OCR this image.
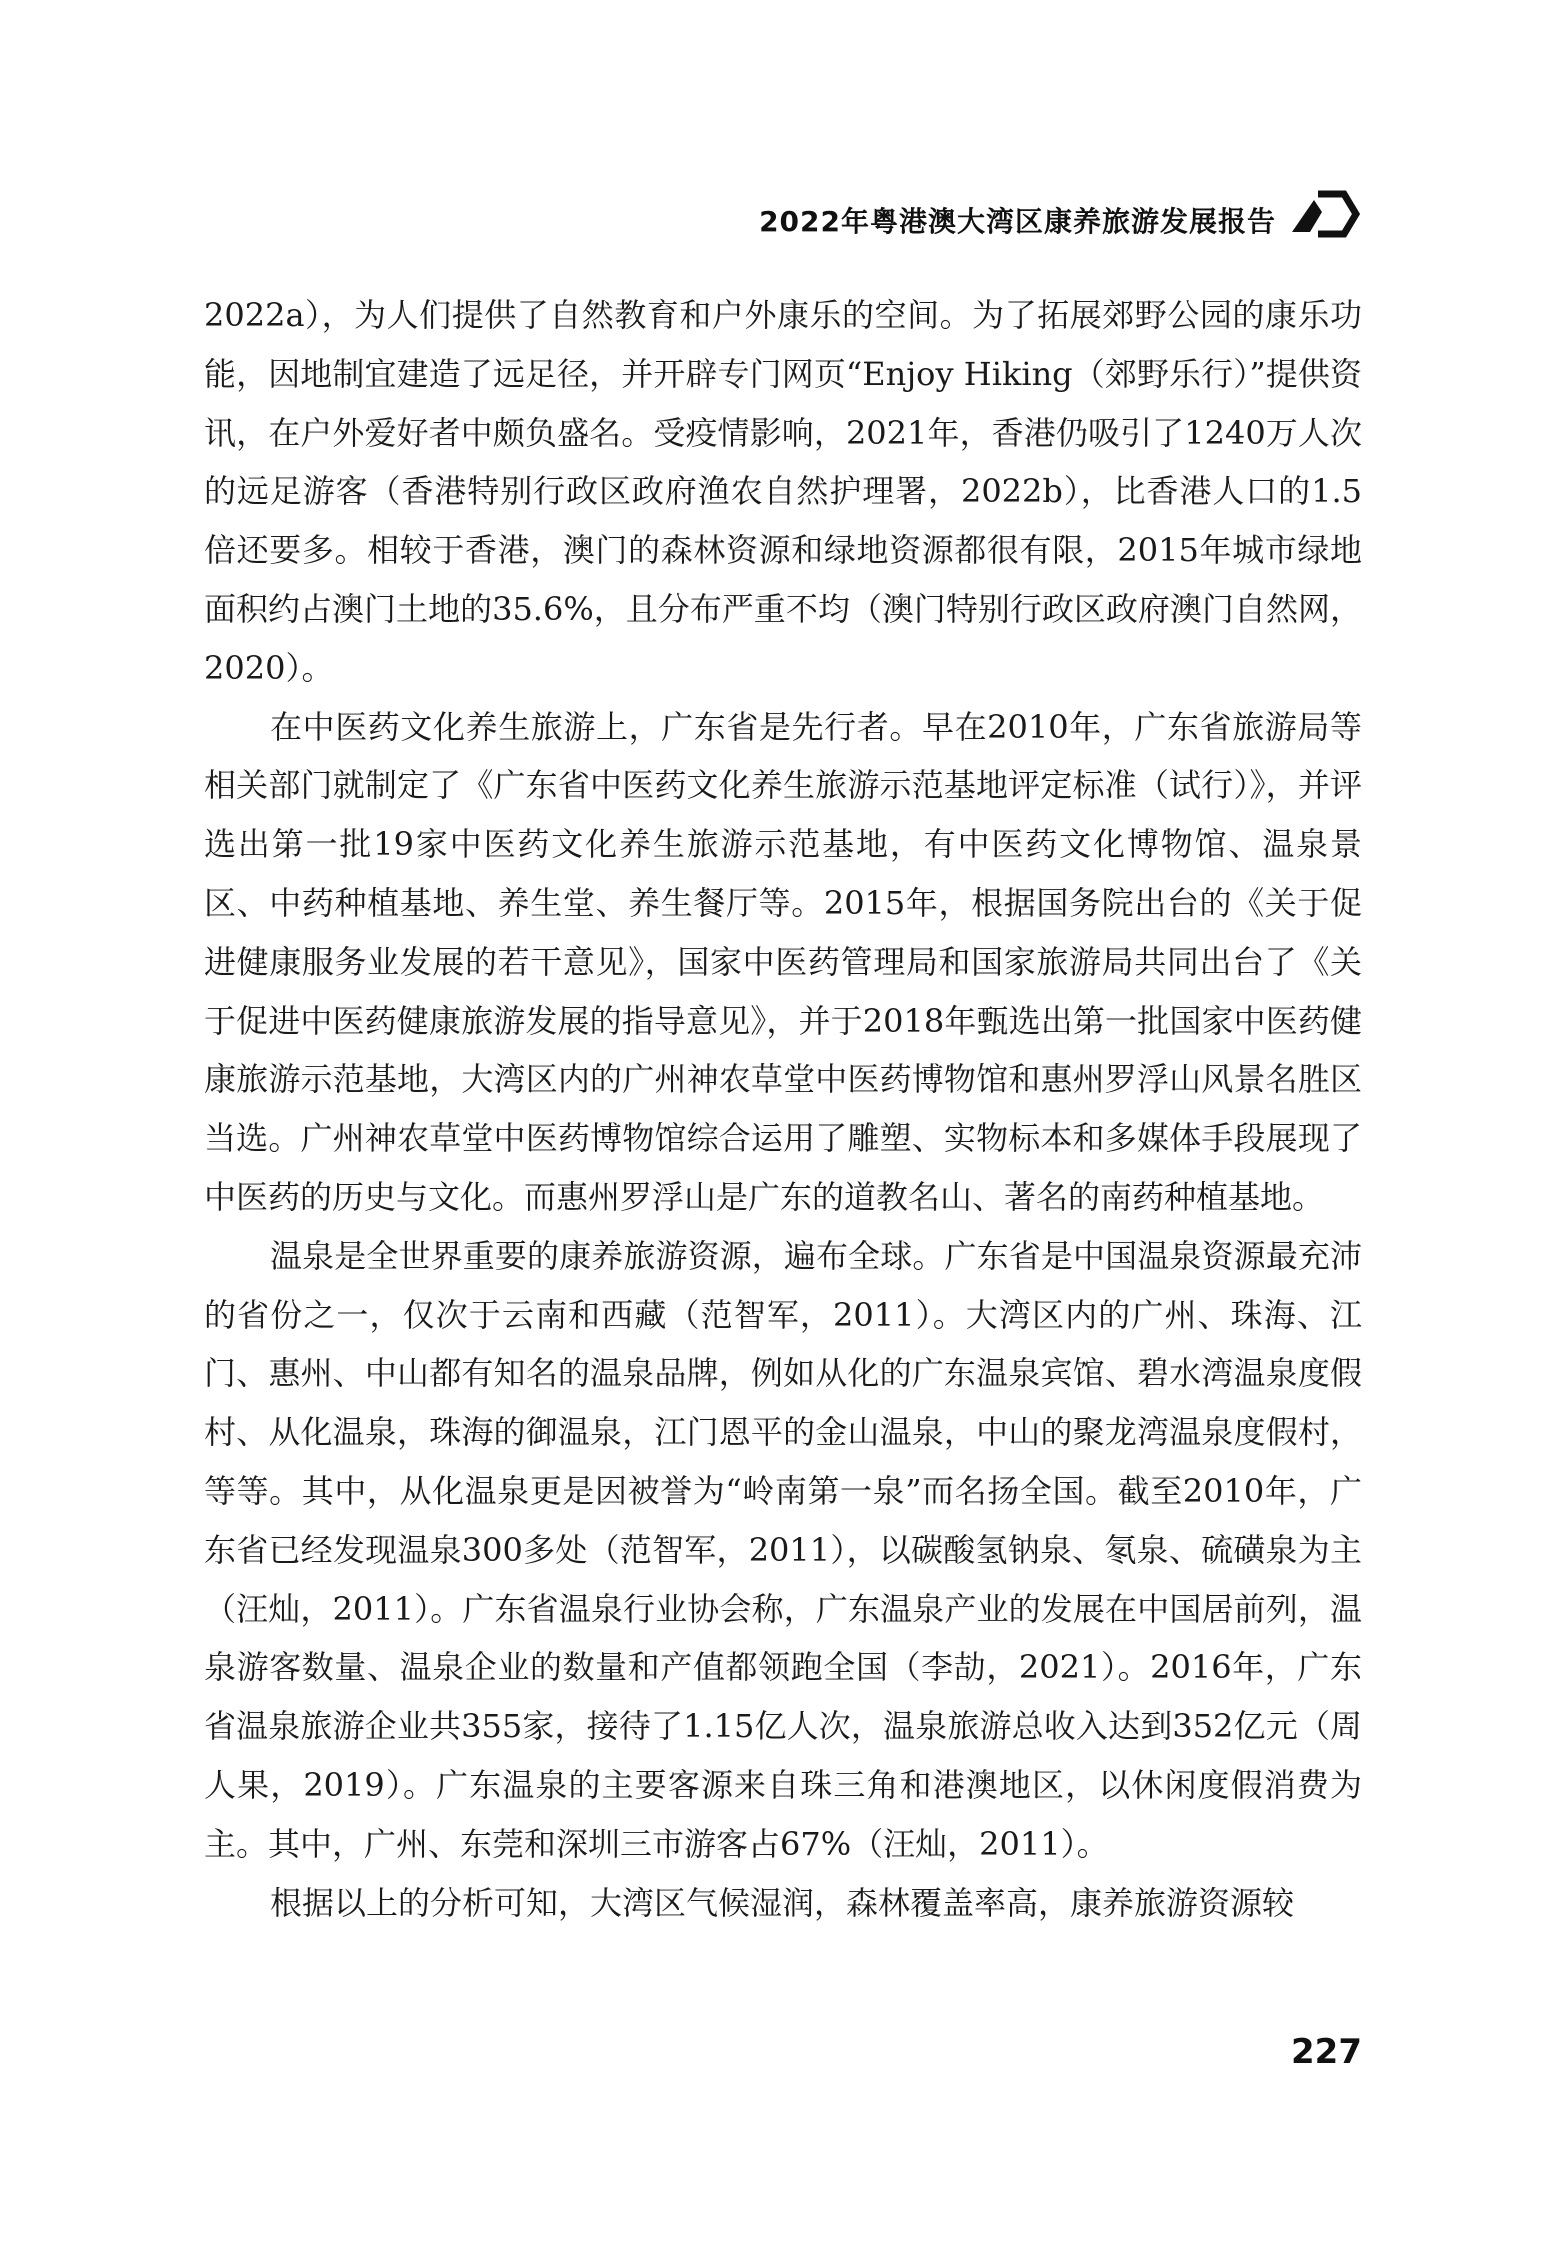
2022年粤港澳大湾区康养旅游发展报告

2022a），为人们提供了自然教育和户外康乐的空间。为了拓展郊野公园的康乐功能，因地制宜建造了远足径，并开辟专门网页“Enjoy Hiking（郊野乐行）”提供资讯，在户外爱好者中颇负盛名。受疫情影响，2021年，香港仍吸引了1240万人次的远足游客（香港特别行政区政府渔农自然护理署，2022b），比香港人口的1.5倍还要多。相较于香港，澳门的森林资源和绿地资源都很有限，2015年城市绿地面积约占澳门土地的35.6%，且分布严重不均（澳门特别行政区政府澳门自然网，2020）。

在中医药文化养生旅游上，广东省是先行者。早在2010年，广东省旅游局等相关部门就制定了《广东省中医药文化养生旅游示范基地评定标准（试行）》，并评选出第一批19家中医药文化养生旅游示范基地，有中医药文化博物馆、温泉景区、中药种植基地、养生堂、养生餐厅等。2015年，根据国务院出台的《关于促进健康服务业发展的若干意见》，国家中医药管理局和国家旅游局共同出台了《关于促进中医药健康旅游发展的指导意见》，并于2018年甄选出第一批国家中医药健康旅游示范基地，大湾区内的广州神农草堂中医药博物馆和惠州罗浮山风景名胜区当选。广州神农草堂中医药博物馆综合运用了雕塑、实物标本和多媒体手段展现了中医药的历史与文化。而惠州罗浮山是广东的道教名山、著名的南药种植基地。

温泉是全世界重要的康养旅游资源，遍布全球。广东省是中国温泉资源最充沛的省份之一，仅次于云南和西藏（范智军，2011）。大湾区内的广州、珠海、江门、惠州、中山都有知名的温泉品牌，例如从化的广东温泉宾馆、碧水湾温泉度假村、从化温泉，珠海的御温泉，江门恩平的金山温泉，中山的聚龙湾温泉度假村，等等。其中，从化温泉更是因被誉为“岭南第一泉”而名扬全国。截至2010年，广东省已经发现温泉300多处（范智军，2011），以碳酸氢钠泉、氡泉、硫磺泉为主（汪灿，2011）。广东省温泉行业协会称，广东温泉产业的发展在中国居前列，温泉游客数量、温泉企业的数量和产值都领跑全国（李劼，2021）。2016年，广东省温泉旅游企业共355家，接待了1.15亿人次，温泉旅游总收入达到352亿元（周人果，2019）。广东温泉的主要客源来自珠三角和港澳地区，以休闲度假消费为主。其中，广州、东莞和深圳三市游客占67%（汪灿，2011）。

根据以上的分析可知，大湾区气候湿润，森林覆盖率高，康养旅游资源较

227
